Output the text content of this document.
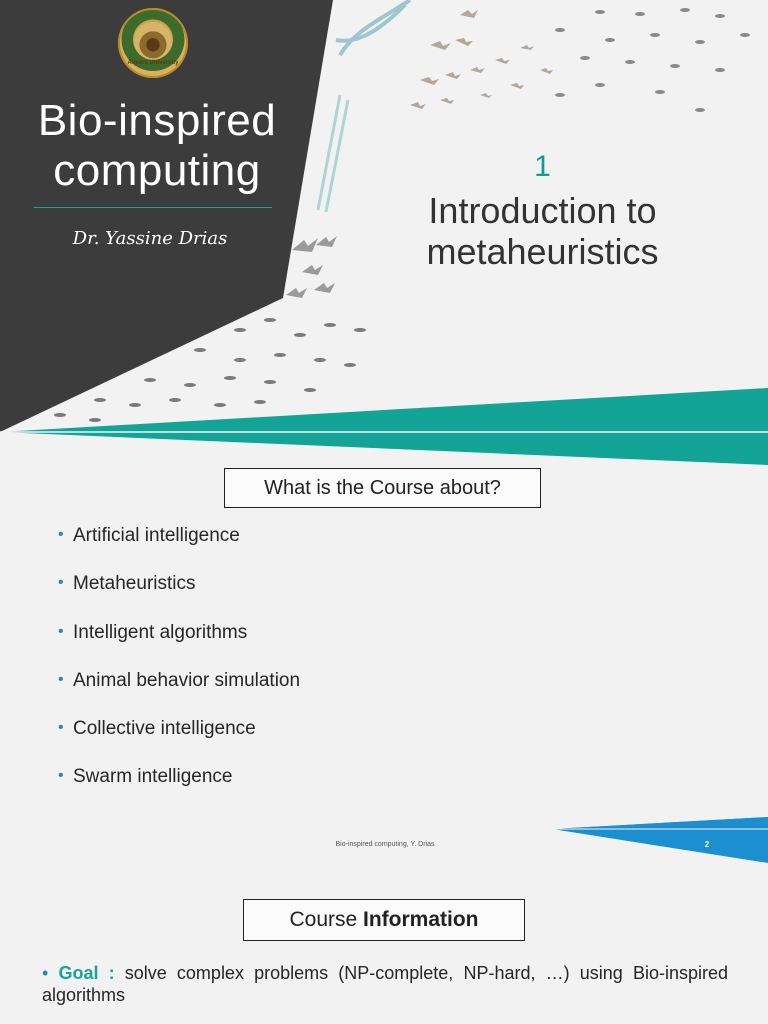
Algiers University
Bio-inspired
computing
Dr. Yassine Drias
1
Introduction to
metaheuristics
What is the Course about?
• Artificial intelligence
• Metaheuristics
• Intelligent algorithms
• Animal behavior simulation
• Collective intelligence
• Swarm intelligence
Bio-inspired computing, Y. Drias	2
Course Information
• Goal : solve complex problems (NP-complete, NP-hard, …) using Bio-inspired algorithms
